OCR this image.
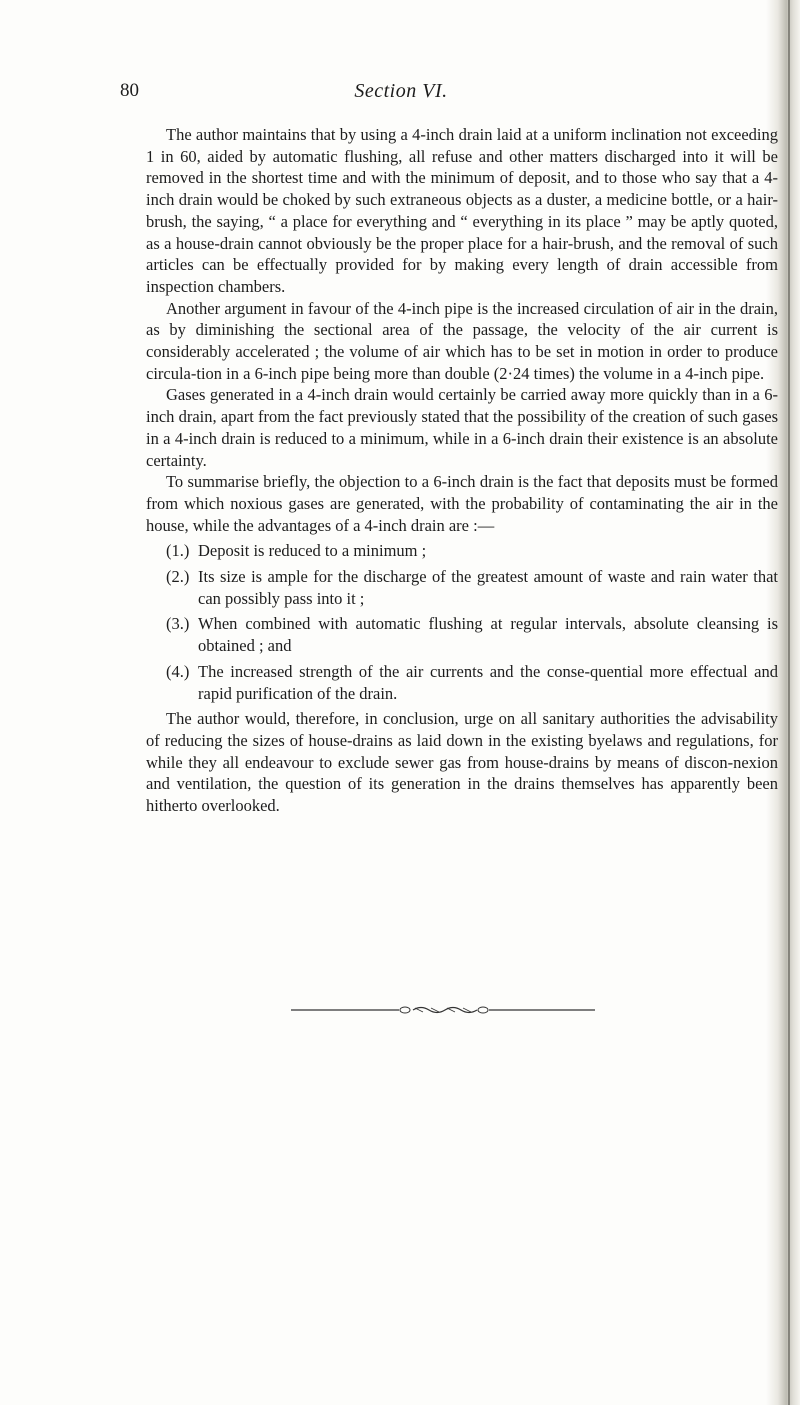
80	Section VI.

The author maintains that by using a 4-inch drain laid at a uniform inclination not exceeding 1 in 60, aided by automatic flushing, all refuse and other matters discharged into it will be removed in the shortest time and with the minimum of deposit, and to those who say that a 4-inch drain would be choked by such extraneous objects as a duster, a medicine bottle, or a hair-brush, the saying, “ a place for everything and “ everything in its place ” may be aptly quoted, as a house-drain cannot obviously be the proper place for a hair-brush, and the removal of such articles can be effectually provided for by making every length of drain accessible from inspection chambers.

Another argument in favour of the 4-inch pipe is the increased circulation of air in the drain, as by diminishing the sectional area of the passage, the velocity of the air current is considerably accelerated ; the volume of air which has to be set in motion in order to produce circula-tion in a 6-inch pipe being more than double (2·24 times) the volume in a 4-inch pipe.

Gases generated in a 4-inch drain would certainly be carried away more quickly than in a 6-inch drain, apart from the fact previously stated that the possibility of the creation of such gases in a 4-inch drain is reduced to a minimum, while in a 6-inch drain their existence is an absolute certainty.

To summarise briefly, the objection to a 6-inch drain is the fact that deposits must be formed from which noxious gases are generated, with the probability of contaminating the air in the house, while the advantages of a 4-inch drain are :—

(1.) Deposit is reduced to a minimum ;
(2.) Its size is ample for the discharge of the greatest amount of waste and rain water that can possibly pass into it ;
(3.) When combined with automatic flushing at regular intervals, absolute cleansing is obtained ; and
(4.) The increased strength of the air currents and the conse-quential more effectual and rapid purification of the drain.

The author would, therefore, in conclusion, urge on all sanitary authorities the advisability of reducing the sizes of house-drains as laid down in the existing byelaws and regulations, for while they all endeavour to exclude sewer gas from house-drains by means of discon-nexion and ventilation, the question of its generation in the drains themselves has apparently been hitherto overlooked.
